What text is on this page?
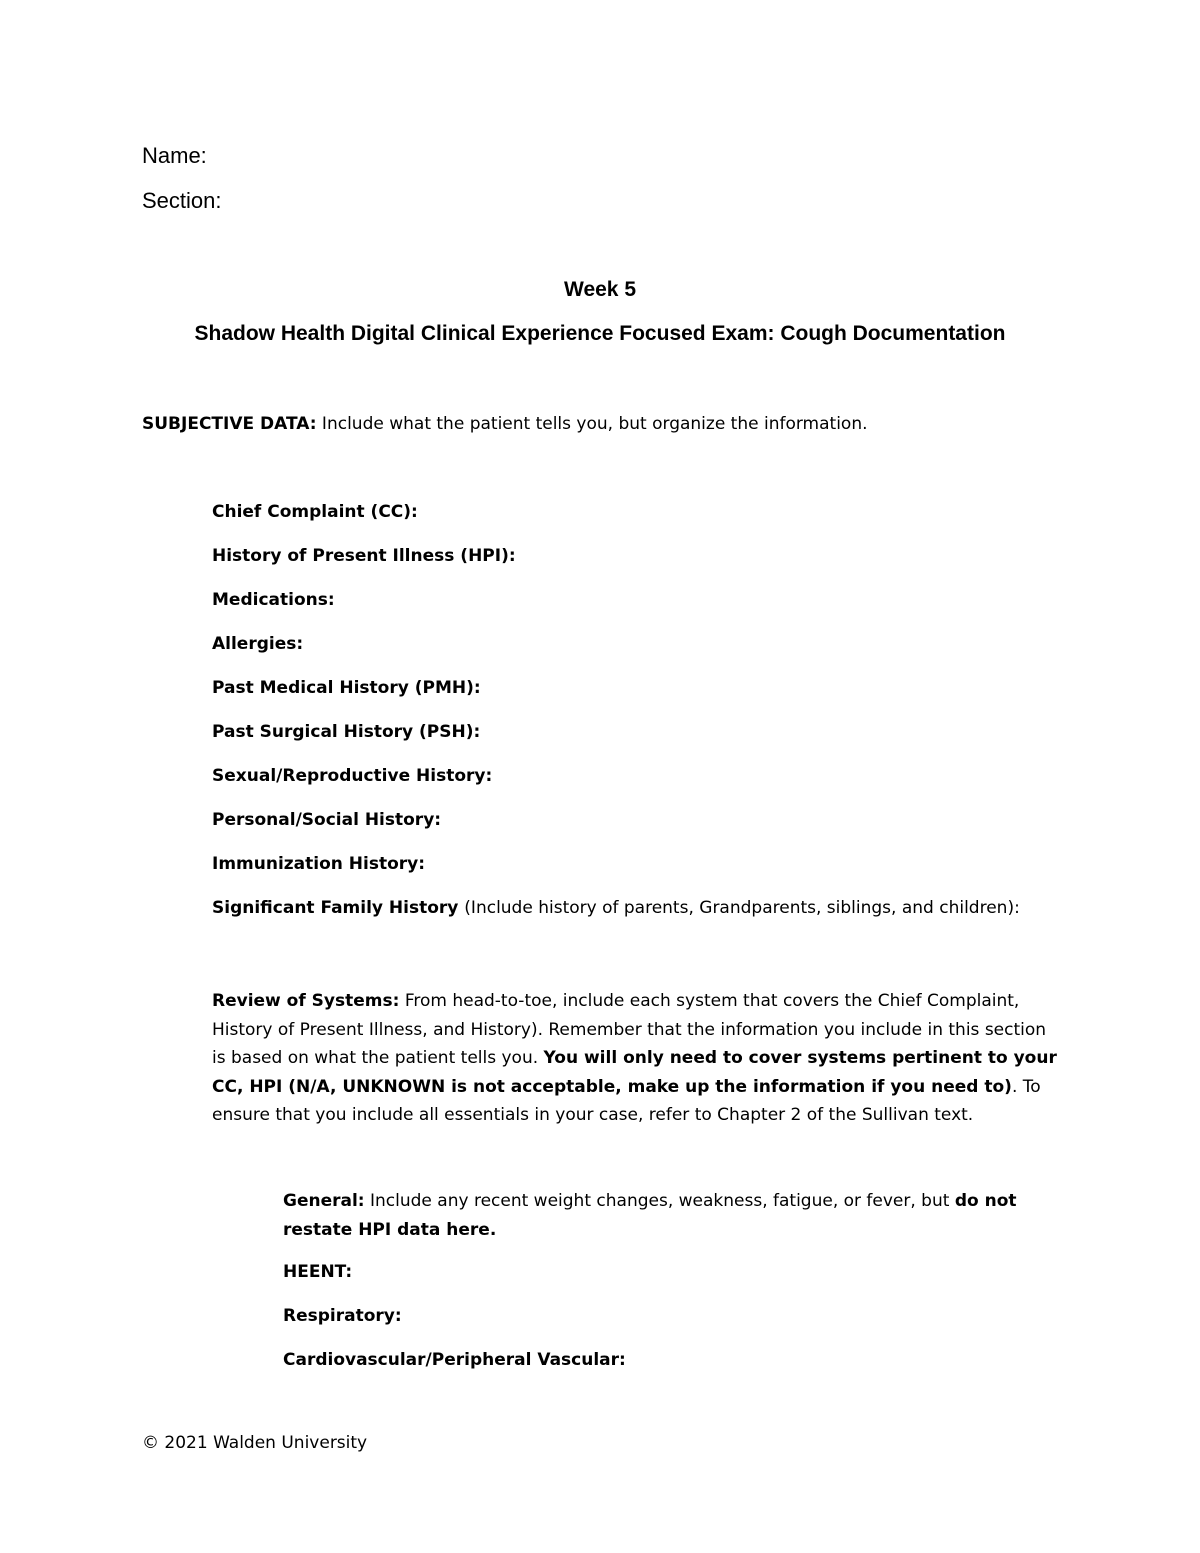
Name:
Section:
Week 5
Shadow Health Digital Clinical Experience Focused Exam: Cough Documentation
SUBJECTIVE DATA: Include what the patient tells you, but organize the information.
Chief Complaint (CC):
History of Present Illness (HPI):
Medications:
Allergies:
Past Medical History (PMH):
Past Surgical History (PSH):
Sexual/Reproductive History:
Personal/Social History:
Immunization History:
Significant Family History (Include history of parents, Grandparents, siblings, and children):
Review of Systems: From head-to-toe, include each system that covers the Chief Complaint, History of Present Illness, and History). Remember that the information you include in this section is based on what the patient tells you. You will only need to cover systems pertinent to your CC, HPI (N/A, UNKNOWN is not acceptable, make up the information if you need to). To ensure that you include all essentials in your case, refer to Chapter 2 of the Sullivan text.
General: Include any recent weight changes, weakness, fatigue, or fever, but do not restate HPI data here.
HEENT:
Respiratory:
Cardiovascular/Peripheral Vascular:
© 2021 Walden University
